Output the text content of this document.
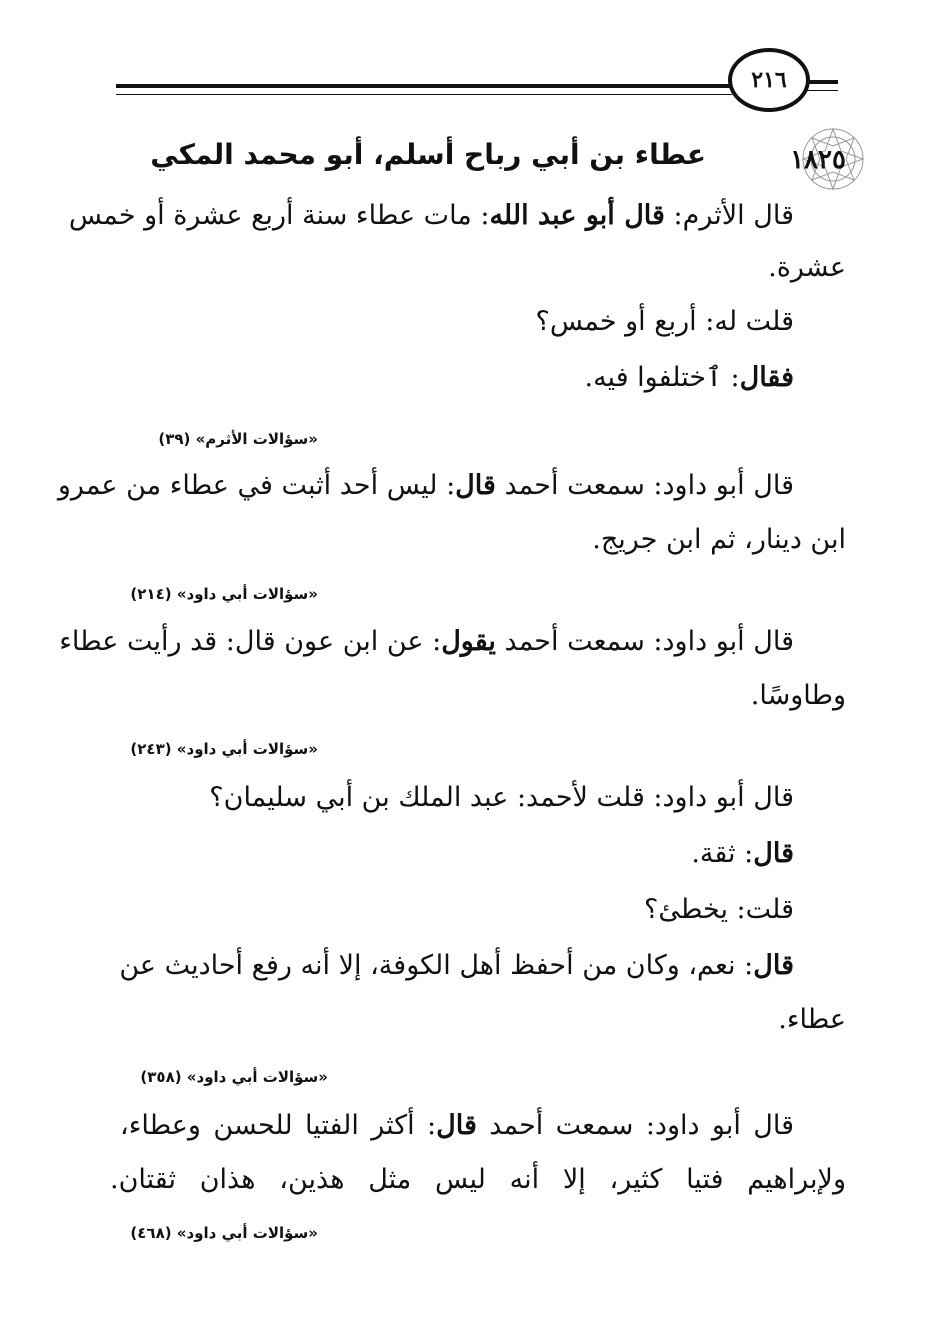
٢١٦
١٨٢٥
عطاء بن أبي رباح أسلم، أبو محمد المكي
قال الأثرم: قال أبو عبد الله: مات عطاء سنة أربع عشرة أو خمس
عشرة.
قلت له: أربع أو خمس؟
فقال: ٱختلفوا فيه.
«سؤالات الأثرم» (٣٩)
قال أبو داود: سمعت أحمد قال: ليس أحد أثبت في عطاء من عمرو
ابن دينار، ثم ابن جريج.
«سؤالات أبي داود» (٢١٤)
قال أبو داود: سمعت أحمد يقول: عن ابن عون قال: قد رأيت عطاء
وطاوسًا.
«سؤالات أبي داود» (٢٤٣)
قال أبو داود: قلت لأحمد: عبد الملك بن أبي سليمان؟
قال: ثقة.
قلت: يخطئ؟
قال: نعم، وكان من أحفظ أهل الكوفة، إلا أنه رفع أحاديث عن
عطاء.
«سؤالات أبي داود» (٣٥٨)
قال أبو داود: سمعت أحمد قال: أكثر الفتيا للحسن وعطاء،
ولإبراهيم فتيا كثير، إلا أنه ليس مثل هذين، هذان ثقتان.
«سؤالات أبي داود» (٤٦٨)
